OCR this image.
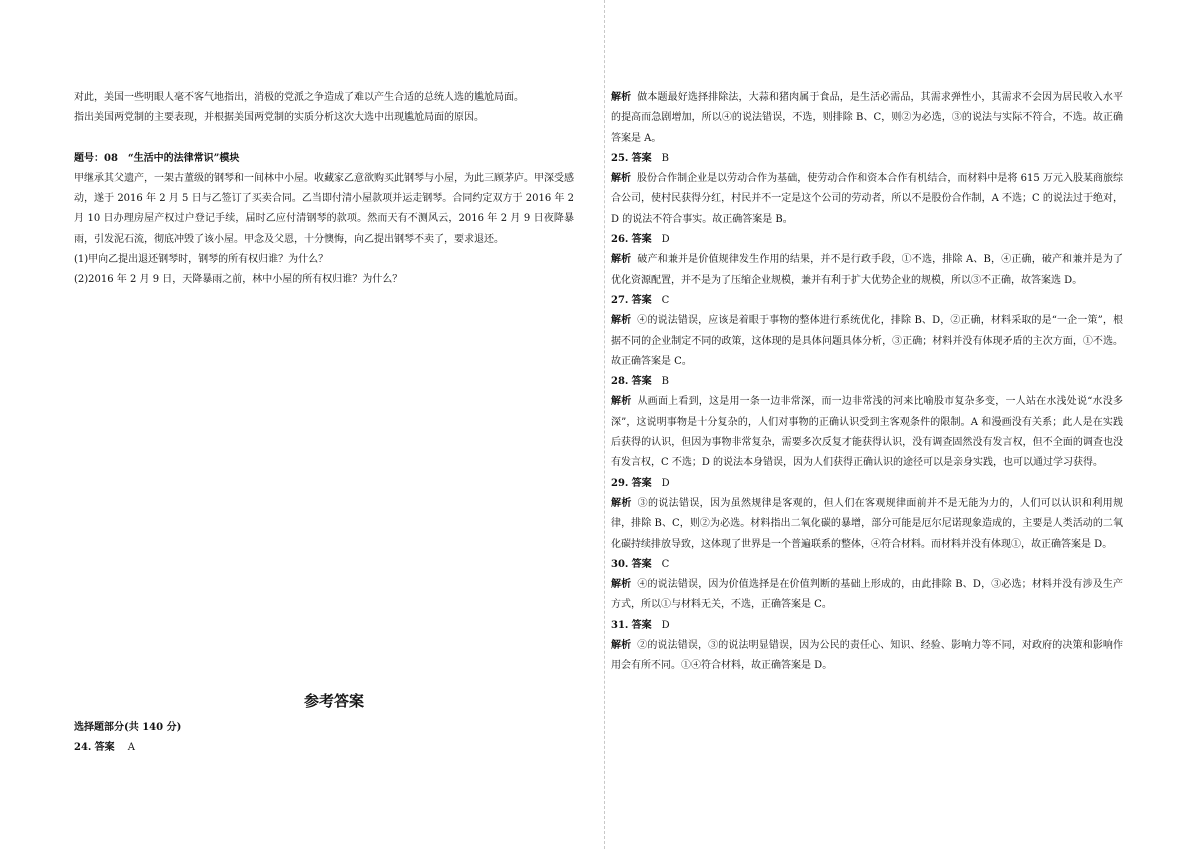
对此，美国一些明眼人毫不客气地指出，消极的党派之争造成了难以产生合适的总统人选的尴尬局面。

指出美国两党制的主要表现，并根据美国两党制的实质分析这次大选中出现尴尬局面的原因。

题号：08　“生活中的法律常识”模块

甲继承其父遗产，一架古董级的钢琴和一间林中小屋。收藏家乙意欲购买此钢琴与小屋，为此三顾茅庐。甲深受感动，遂于 2016 年 2 月 5 日与乙签订了买卖合同。乙当即付清小屋款项并运走钢琴。合同约定双方于 2016 年 2 月 10 日办理房屋产权过户登记手续，届时乙应付清钢琴的款项。然而天有不测风云，2016 年 2 月 9 日夜降暴雨，引发泥石流，彻底冲毁了该小屋。甲念及父恩，十分懊悔，向乙提出钢琴不卖了，要求退还。

(1)甲向乙提出退还钢琴时，钢琴的所有权归谁？为什么？

(2)2016 年 2 月 9 日，天降暴雨之前，林中小屋的所有权归谁？为什么？

参考答案

选择题部分(共 140 分)

24. 答案 A

解析 做本题最好选择排除法，大蒜和猪肉属于食品，是生活必需品，其需求弹性小，其需求不会因为居民收入水平的提高而急剧增加，所以④的说法错误，不选，则排除 B、C，则②为必选，③的说法与实际不符合，不选。故正确答案是 A。

25. 答案 B

解析 股份合作制企业是以劳动合作为基础，使劳动合作和资本合作有机结合，而材料中是将 615 万元入股某商旅综合公司，使村民获得分红，村民并不一定是这个公司的劳动者，所以不是股份合作制，A 不选；C 的说法过于绝对，D 的说法不符合事实。故正确答案是 B。

26. 答案 D

解析 破产和兼并是价值规律发生作用的结果，并不是行政手段，①不选，排除 A、B，④正确，破产和兼并是为了优化资源配置，并不是为了压缩企业规模，兼并有利于扩大优势企业的规模，所以③不正确，故答案选 D。

27. 答案 C

解析 ④的说法错误，应该是着眼于事物的整体进行系统优化，排除 B、D，②正确，材料采取的是“一企一策”，根据不同的企业制定不同的政策，这体现的是具体问题具体分析，③正确；材料并没有体现矛盾的主次方面，①不选。故正确答案是 C。

28. 答案 B

解析 从画面上看到，这是用一条一边非常深，而一边非常浅的河来比喻股市复杂多变，一人站在水浅处说“水没多深”，这说明事物是十分复杂的，人们对事物的正确认识受到主客观条件的限制。A 和漫画没有关系；此人是在实践后获得的认识，但因为事物非常复杂，需要多次反复才能获得认识，没有调查固然没有发言权，但不全面的调查也没有发言权，C 不选；D 的说法本身错误，因为人们获得正确认识的途径可以是亲身实践，也可以通过学习获得。

29. 答案 D

解析 ③的说法错误，因为虽然规律是客观的，但人们在客观规律面前并不是无能为力的，人们可以认识和利用规律，排除 B、C，则②为必选。材料指出二氧化碳的暴增，部分可能是厄尔尼诺现象造成的，主要是人类活动的二氧化碳持续排放导致，这体现了世界是一个普遍联系的整体，④符合材料。而材料并没有体现①，故正确答案是 D。

30. 答案 C

解析 ④的说法错误，因为价值选择是在价值判断的基础上形成的，由此排除 B、D，③必选；材料并没有涉及生产方式，所以①与材料无关，不选，正确答案是 C。

31. 答案 D

解析 ②的说法错误，③的说法明显错误，因为公民的责任心、知识、经验、影响力等不同，对政府的决策和影响作用会有所不同。①④符合材料，故正确答案是 D。
